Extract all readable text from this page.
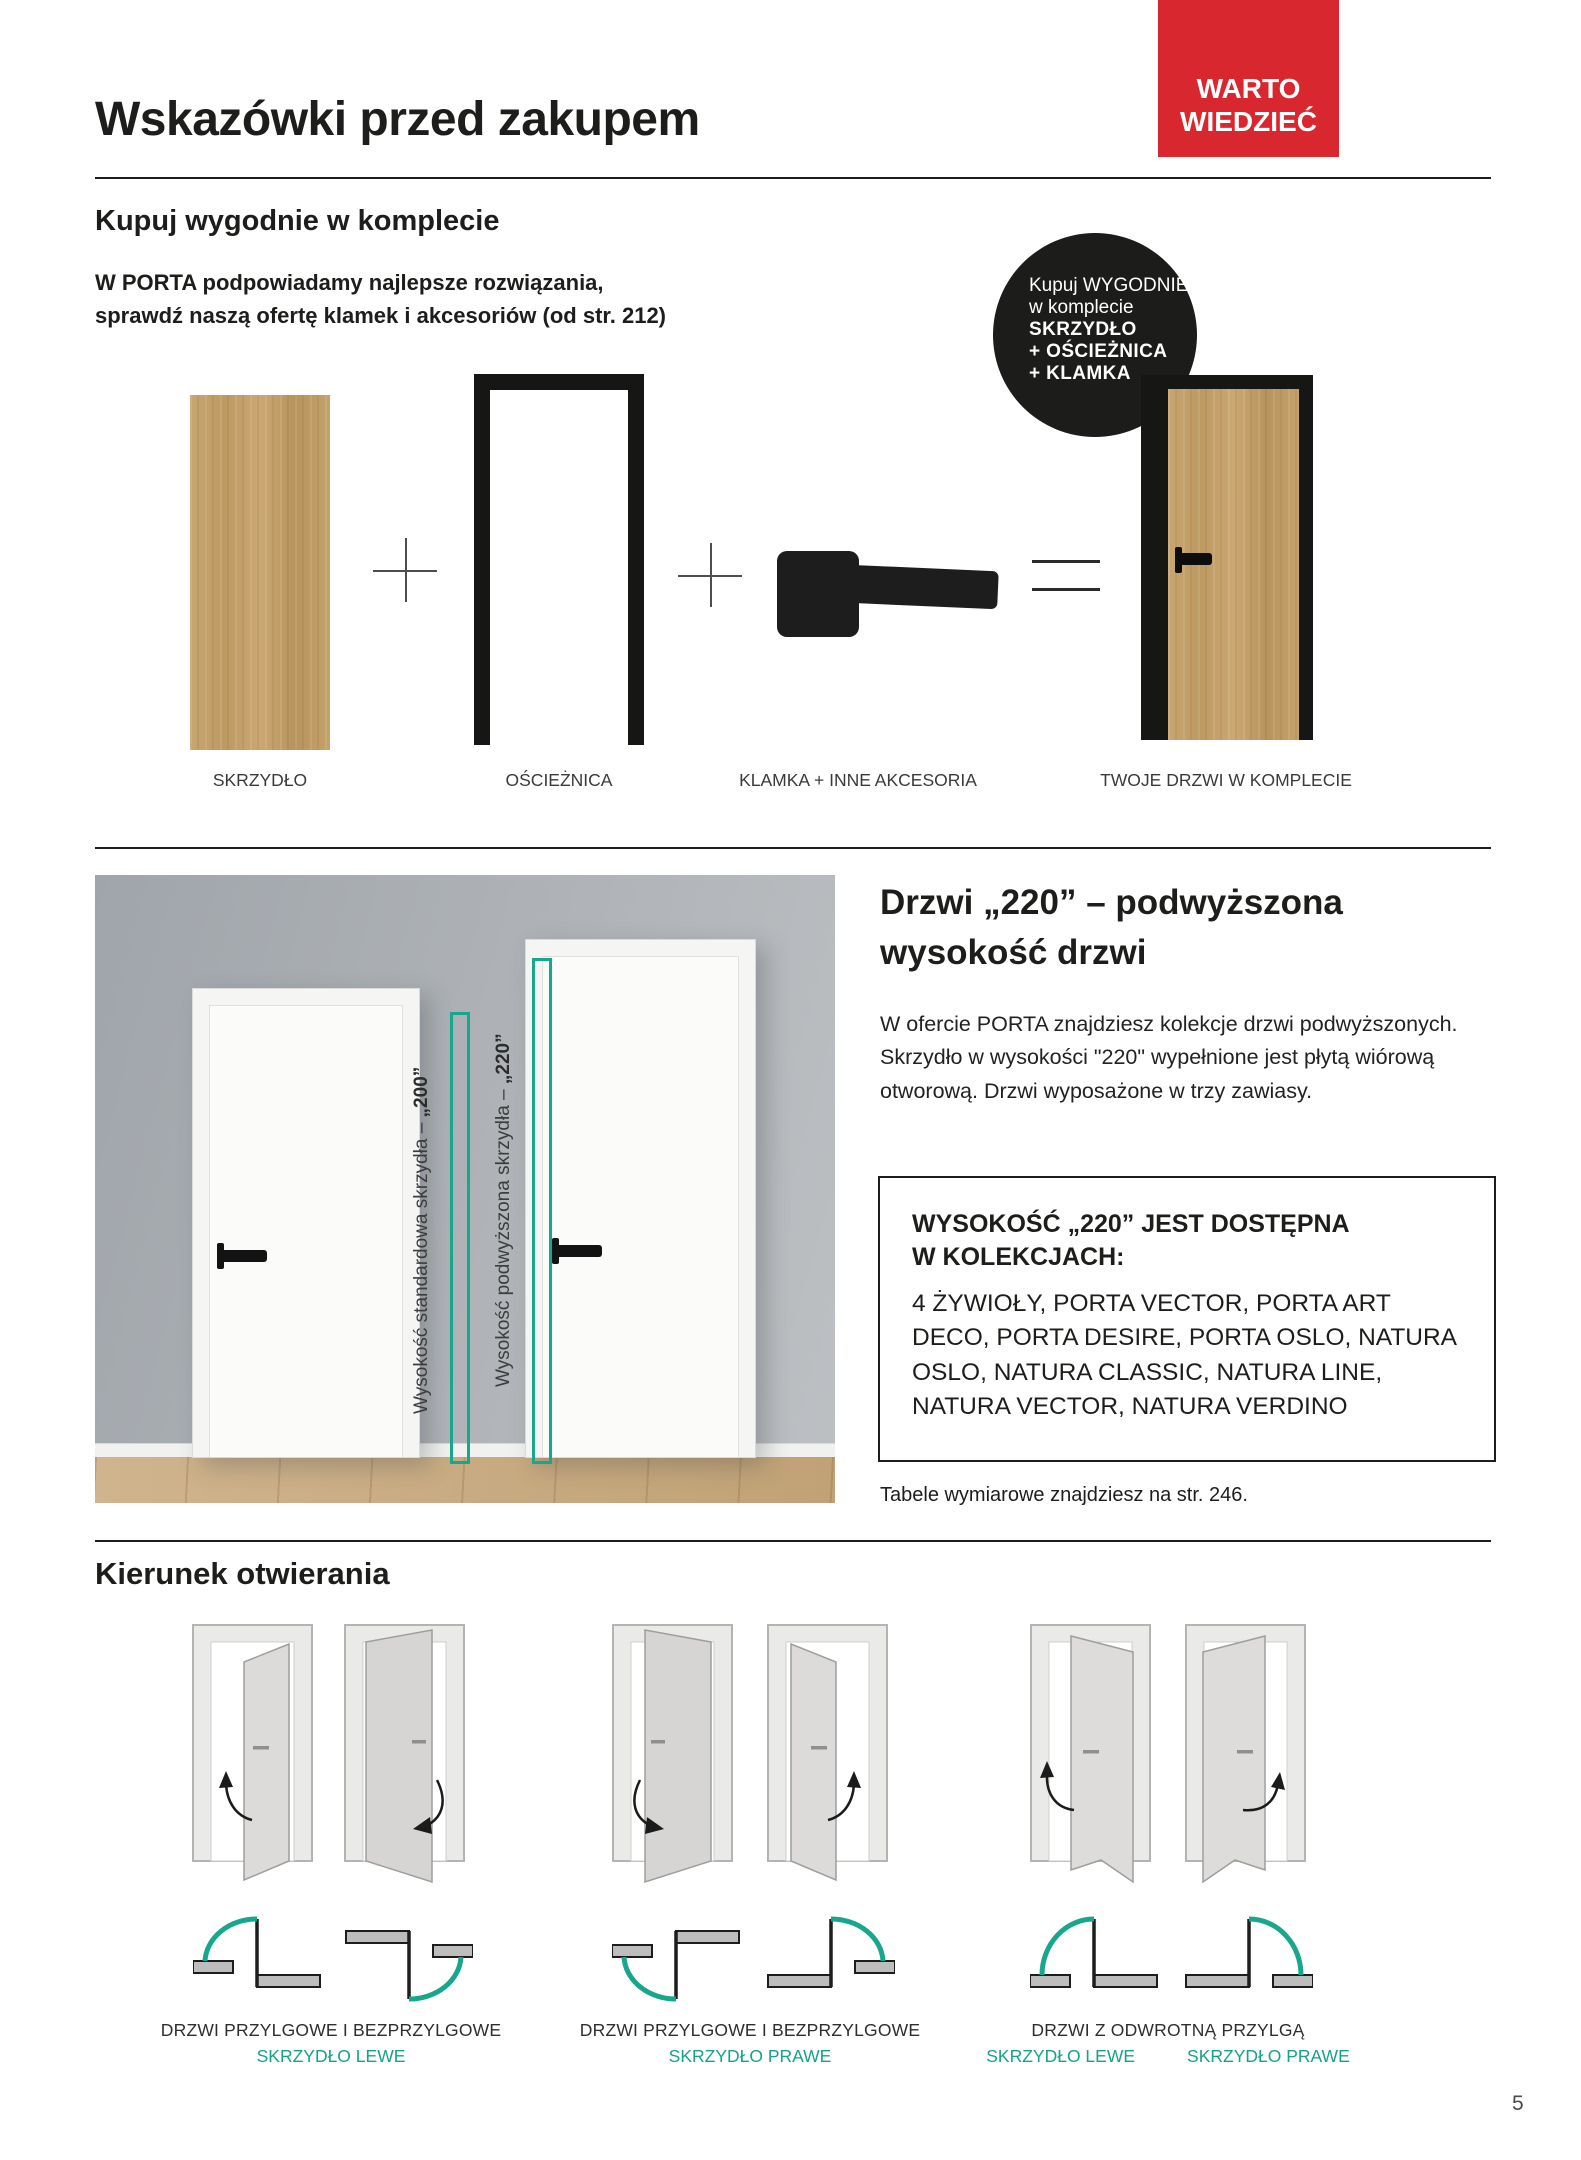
Wskazówki przed zakupem
WARTO
WIEDZIEĆ
Kupuj wygodnie w komplecie
W PORTA podpowiadamy najlepsze rozwiązania,
sprawdź naszą ofertę klamek i akcesoriów (od str. 212)
Kupuj WYGODNIE
w komplecie
SKRZYDŁO
+ OŚCIEŻNICA
+ KLAMKA
SKRZYDŁO	OŚCIEŻNICA	KLAMKA + INNE AKCESORIA	TWOJE DRZWI W KOMPLECIE
Wysokość standardowa skrzydła – „200”	Wysokość podwyższona skrzydła – „220”
Drzwi „220” – podwyższona
wysokość drzwi
W ofercie PORTA znajdziesz kolekcje drzwi podwyższonych. Skrzydło w wysokości "220" wypełnione jest płytą wiórową otworową. Drzwi wyposażone w trzy zawiasy.
WYSOKOŚĆ „220” JEST DOSTĘPNA
W KOLEKCJACH:
4 ŻYWIOŁY, PORTA VECTOR, PORTA ART DECO, PORTA DESIRE, PORTA OSLO, NATURA OSLO, NATURA CLASSIC, NATURA LINE, NATURA VECTOR, NATURA VERDINO
Tabele wymiarowe znajdziesz na str. 246.
Kierunek otwierania
DRZWI PRZYLGOWE I BEZPRZYLGOWE
SKRZYDŁO LEWE
DRZWI PRZYLGOWE I BEZPRZYLGOWE
SKRZYDŁO PRAWE
DRZWI Z ODWROTNĄ PRZYLGĄ
SKRZYDŁO LEWE	SKRZYDŁO PRAWE
5
